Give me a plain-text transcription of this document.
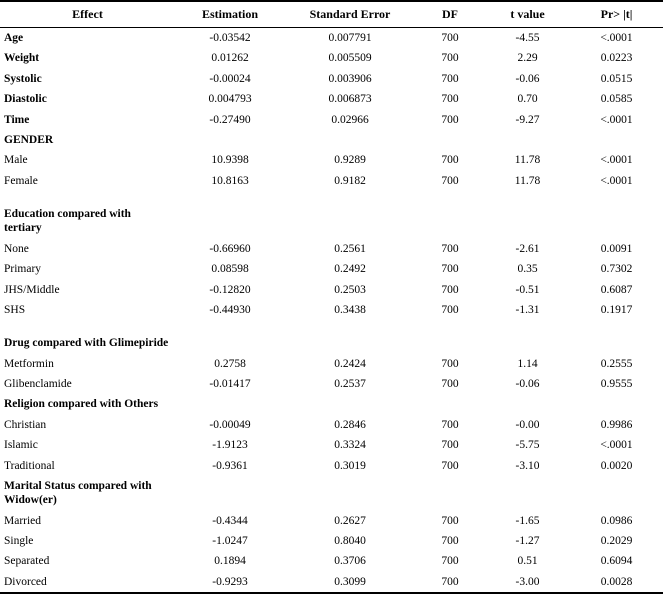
Effect	Estimation	Standard Error	DF	t value	Pr> |t|
Age	-0.03542	0.007791	700	-4.55	<.0001
Weight	0.01262	0.005509	700	2.29	0.0223
Systolic	-0.00024	0.003906	700	-0.06	0.0515
Diastolic	0.004793	0.006873	700	0.70	0.0585
Time	-0.27490	0.02966	700	-9.27	<.0001
GENDER					
Male	10.9398	0.9289	700	11.78	<.0001
Female	10.8163	0.9182	700	11.78	<.0001

Education compared with tertiary					
None	-0.66960	0.2561	700	-2.61	0.0091
Primary	0.08598	0.2492	700	0.35	0.7302
JHS/Middle	-0.12820	0.2503	700	-0.51	0.6087
SHS	-0.44930	0.3438	700	-1.31	0.1917

Drug compared with Glimepiride					
Metformin	0.2758	0.2424	700	1.14	0.2555
Glibenclamide	-0.01417	0.2537	700	-0.06	0.9555
Religion compared with Others					
Christian	-0.00049	0.2846	700	-0.00	0.9986
Islamic	-1.9123	0.3324	700	-5.75	<.0001
Traditional	-0.9361	0.3019	700	-3.10	0.0020
Marital Status compared with Widow(er)					
Married	-0.4344	0.2627	700	-1.65	0.0986
Single	-1.0247	0.8040	700	-1.27	0.2029
Separated	0.1894	0.3706	700	0.51	0.6094
Divorced	-0.9293	0.3099	700	-3.00	0.0028
